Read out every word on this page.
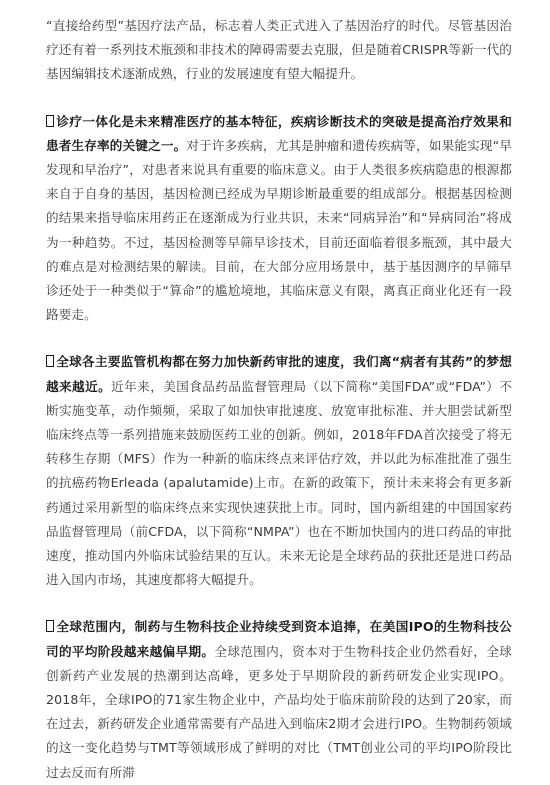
“直接给药型”基因疗法产品，标志着人类正式进入了基因治疗的时代。尽管基因治疗还有着一系列技术瓶颈和非技术的障碍需要去克服，但是随着CRISPR等新一代的基因编辑技术逐渐成熟，行业的发展速度有望大幅提升。

诊疗一体化是未来精准医疗的基本特征，疾病诊断技术的突破是提高治疗效果和患者生存率的关键之一。对于许多疾病，尤其是肿瘤和遗传疾病等，如果能实现“早发现和早治疗”，对患者来说具有重要的临床意义。由于人类很多疾病隐患的根源都来自于自身的基因，基因检测已经成为早期诊断最重要的组成部分。根据基因检测的结果来指导临床用药正在逐渐成为行业共识，未来“同病异治”和“异病同治”将成为一种趋势。不过，基因检测等早筛早诊技术，目前还面临着很多瓶颈，其中最大的难点是对检测结果的解读。目前，在大部分应用场景中，基于基因测序的早筛早诊还处于一种类似于“算命”的尴尬境地，其临床意义有限，离真正商业化还有一段路要走。

全球各主要监管机构都在努力加快新药审批的速度，我们离“病者有其药”的梦想越来越近。近年来，美国食品药品监督管理局（以下简称“美国FDA”或“FDA”）不断实施变革，动作频频，采取了如加快审批速度、放宽审批标准、并大胆尝试新型临床终点等一系列措施来鼓励医药工业的创新。例如，2018年FDA首次接受了将无转移生存期（MFS）作为一种新的临床终点来评估疗效，并以此为标准批准了强生的抗癌药物Erleada (apalutamide)上市。在新的政策下，预计未来将会有更多新药通过采用新型的临床终点来实现快速获批上市。同时，国内新组建的中国国家药品监督管理局（前CFDA，以下简称“NMPA”）也在不断加快国内的进口药品的审批速度，推动国内外临床试验结果的互认。未来无论是全球药品的获批还是进口药品进入国内市场，其速度都将大幅提升。

全球范围内，制药与生物科技企业持续受到资本追捧，在美国IPO的生物科技公司的平均阶段越来越偏早期。全球范围内，资本对于生物科技企业仍然看好，全球创新药产业发展的热潮到达高峰，更多处于早期阶段的新药研发企业实现IPO。2018年，全球IPO的71家生物企业中，产品均处于临床前阶段的达到了20家，而在过去，新药研发企业通常需要有产品进入到临床2期才会进行IPO。生物制药领域的这一变化趋势与TMT等领域形成了鲜明的对比（TMT创业公司的平均IPO阶段比过去反而有所滞
